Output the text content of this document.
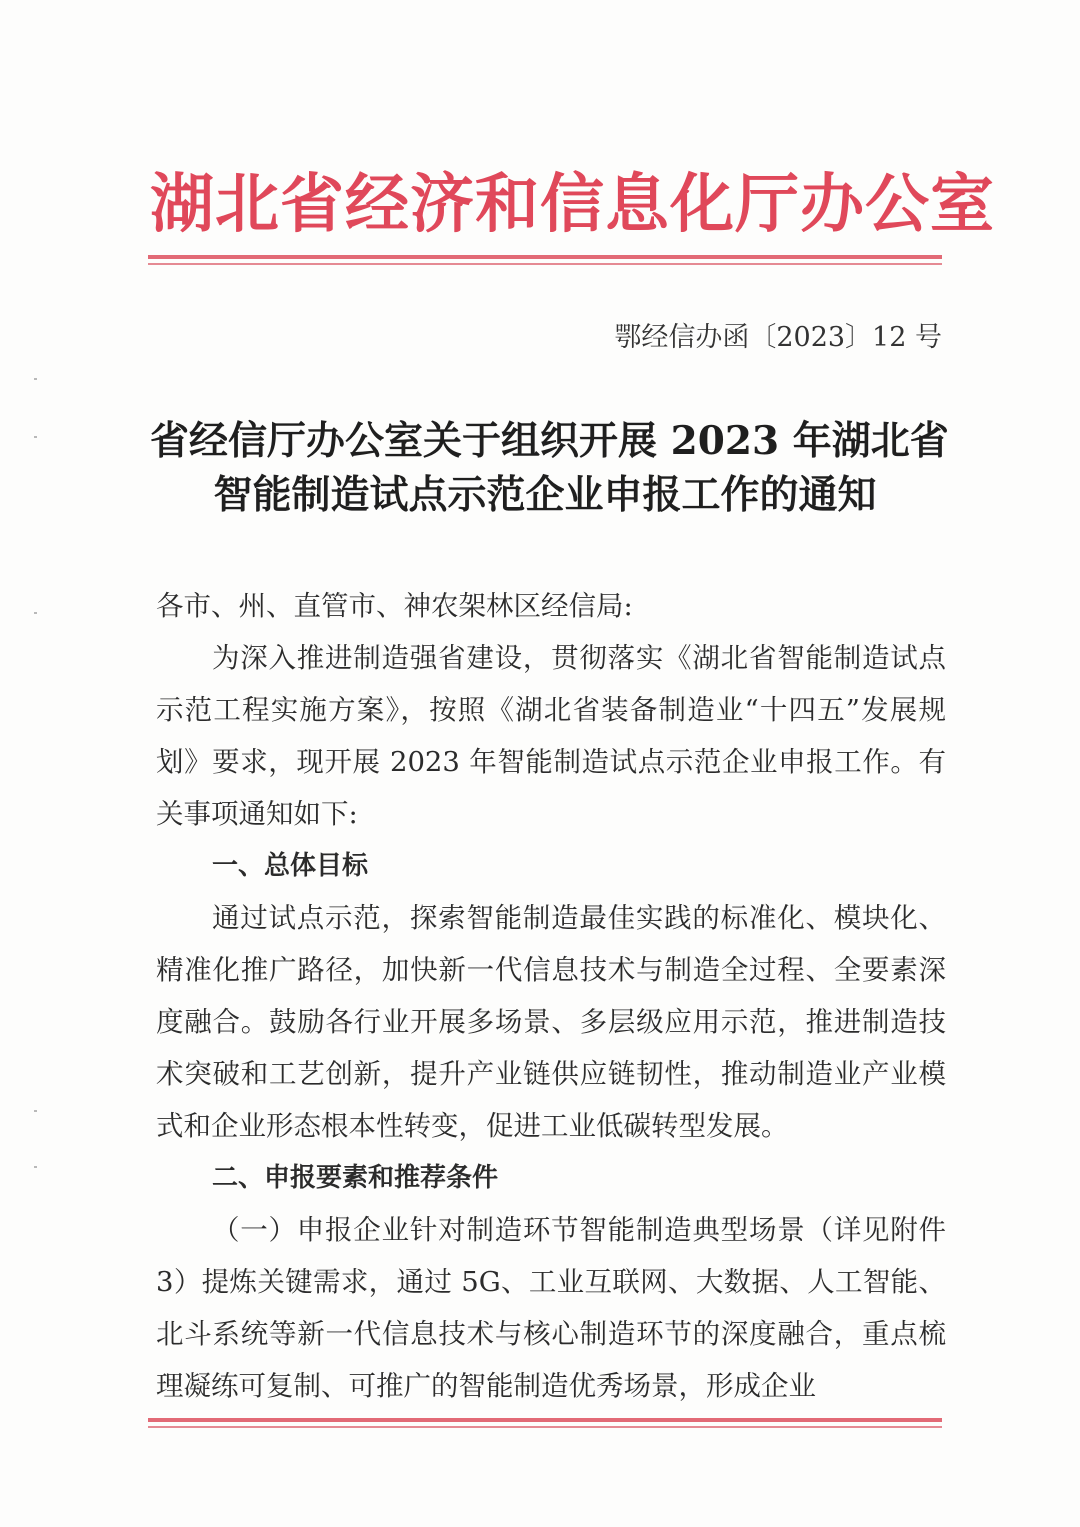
湖北省经济和信息化厅办公室
鄂经信办函〔2023〕12 号
省经信厅办公室关于组织开展 2023 年湖北省
智能制造试点示范企业申报工作的通知

各市、州、直管市、神农架林区经信局:

为深入推进制造强省建设，贯彻落实《湖北省智能制造试点示范工程实施方案》，按照《湖北省装备制造业“十四五”发展规划》要求，现开展 2023 年智能制造试点示范企业申报工作。有关事项通知如下:

一、总体目标

通过试点示范，探索智能制造最佳实践的标准化、模块化、精准化推广路径，加快新一代信息技术与制造全过程、全要素深度融合。鼓励各行业开展多场景、多层级应用示范，推进制造技术突破和工艺创新，提升产业链供应链韧性，推动制造业产业模式和企业形态根本性转变，促进工业低碳转型发展。

二、申报要素和推荐条件

（一）申报企业针对制造环节智能制造典型场景（详见附件 3）提炼关键需求，通过 5G、工业互联网、大数据、人工智能、北斗系统等新一代信息技术与核心制造环节的深度融合，重点梳理凝练可复制、可推广的智能制造优秀场景，形成企业
